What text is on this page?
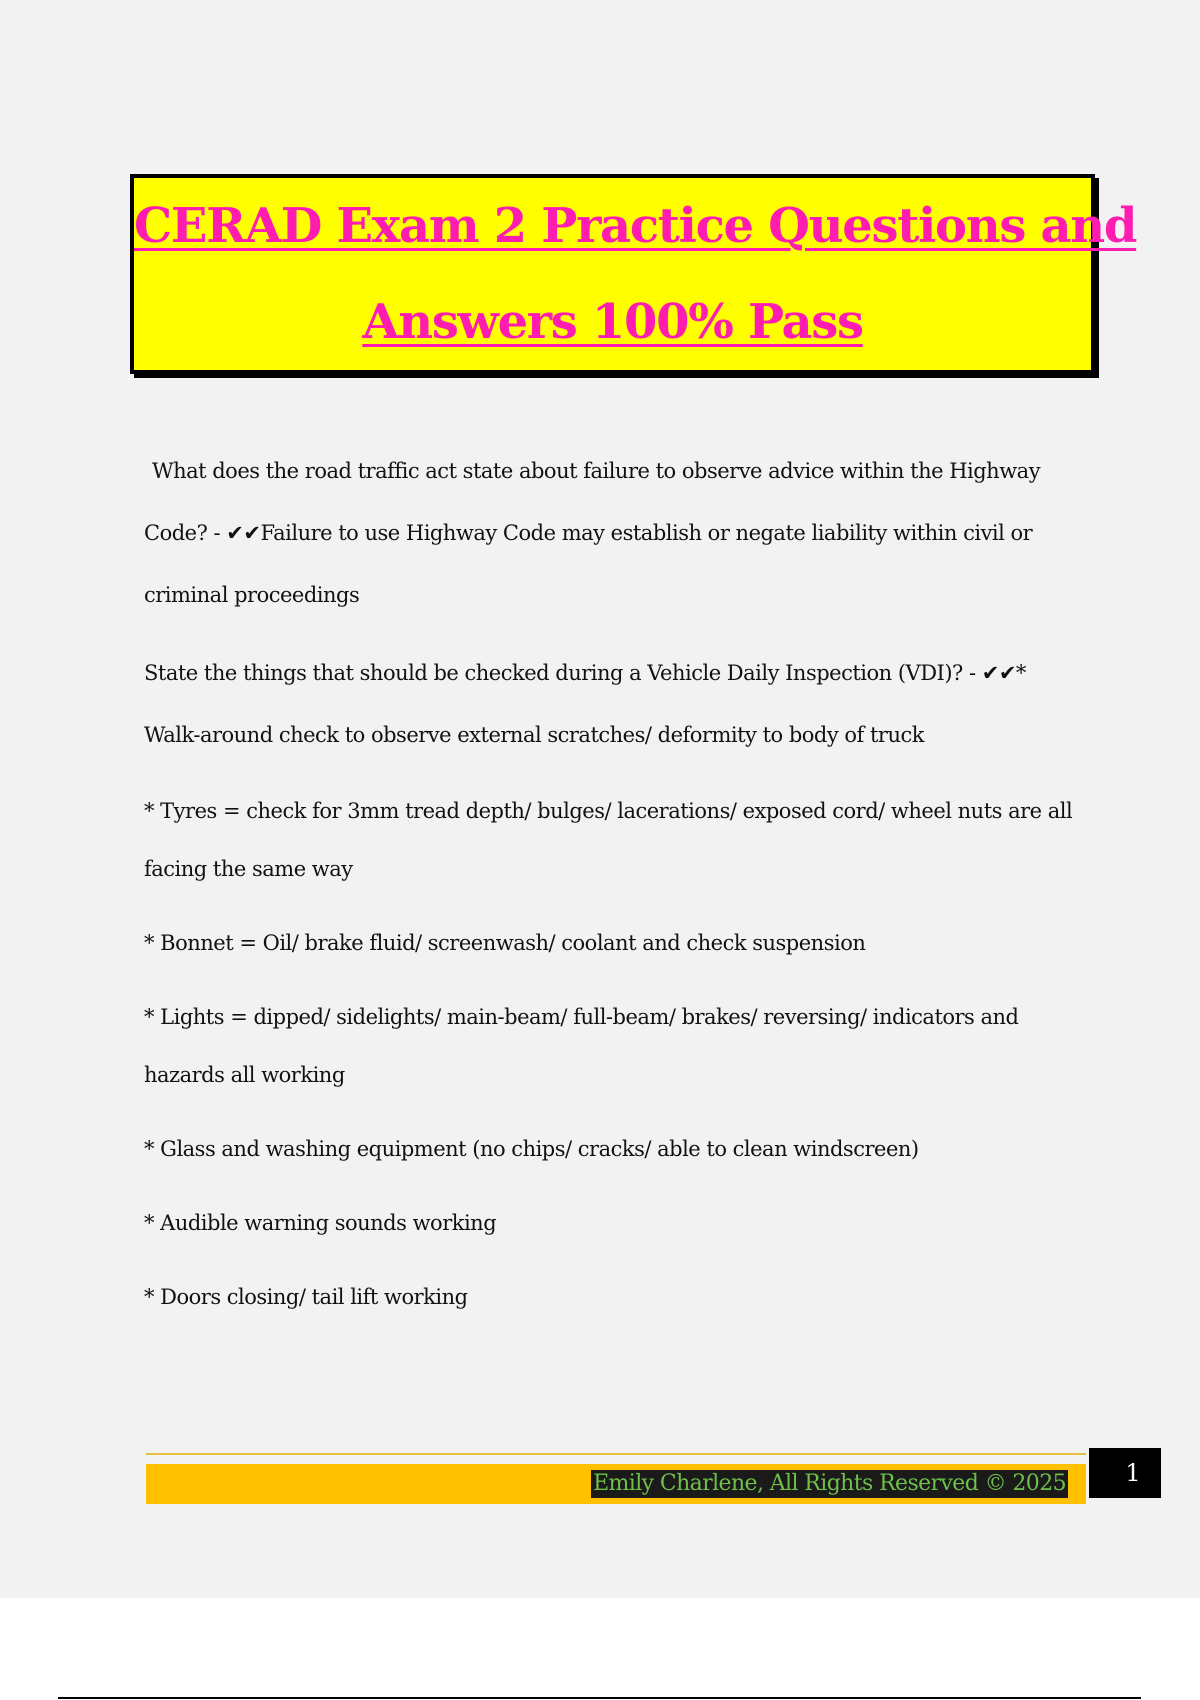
CERAD Exam 2 Practice Questions and
Answers 100% Pass

What does the road traffic act state about failure to observe advice within the Highway Code? - ✔✔Failure to use Highway Code may establish or negate liability within civil or criminal proceedings

State the things that should be checked during a Vehicle Daily Inspection (VDI)? - ✔✔* Walk-around check to observe external scratches/ deformity to body of truck

* Tyres = check for 3mm tread depth/ bulges/ lacerations/ exposed cord/ wheel nuts are all facing the same way

* Bonnet = Oil/ brake fluid/ screenwash/ coolant and check suspension

* Lights = dipped/ sidelights/ main-beam/ full-beam/ brakes/ reversing/ indicators and hazards all working

* Glass and washing equipment (no chips/ cracks/ able to clean windscreen)

* Audible warning sounds working

* Doors closing/ tail lift working

Emily Charlene, All Rights Reserved © 2025	1
